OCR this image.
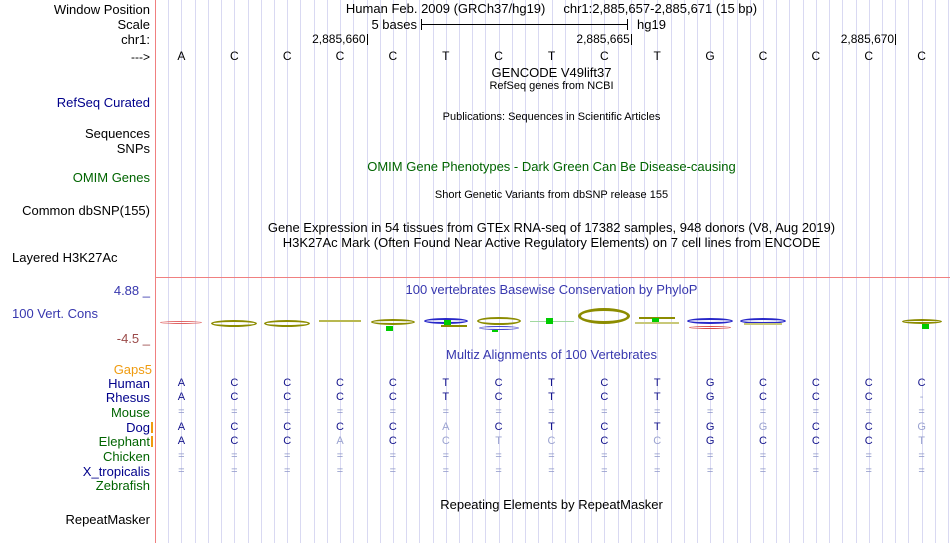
Window Position
Scale
chr1:
--->
Human Feb. 2009 (GRCh37/hg19) chr1:2,885,657-2,885,671 (15 bp)
5 bases	hg19
2,885,660	2,885,665	2,885,670
A	C	C	C	C	T	C	T	C	T	G	C	C	C	C
RefSeq Curated
Sequences
SNPs
OMIM Genes
Common dbSNP(155)
Layered H3K27Ac
4.88 _
100 Vert. Cons
-4.5 _
Gaps5
RepeatMasker
GENCODE V49lift37
RefSeq genes from NCBI
Publications: Sequences in Scientific Articles
OMIM Gene Phenotypes - Dark Green Can Be Disease-causing
Short Genetic Variants from dbSNP release 155
Gene Expression in 54 tissues from GTEx RNA-seq of 17382 samples, 948 donors (V8, Aug 2019)
H3K27Ac Mark (Often Found Near Active Regulatory Elements) on 7 cell lines from ENCODE
100 vertebrates Basewise Conservation by PhyloP
Multiz Alignments of 100 Vertebrates
Repeating Elements by RepeatMasker
Human	A	C	C	C	C	T	C	T	C	T	G	C	C	C	C
Rhesus	A	C	C	C	C	T	C	T	C	T	G	C	C	C	-
Mouse	=	=	=	=	=	=	=	=	=	=	=	=	=	=	=
Dog	A	C	C	C	C	A	C	T	C	T	G	G	C	C	G
Elephant	A	C	C	A	C	C	T	C	C	C	G	C	C	C	T
Chicken	=	=	=	=	=	=	=	=	=	=	=	=	=	=	=
X_tropicalis	=	=	=	=	=	=	=	=	=	=	=	=	=	=	=
Zebrafish
